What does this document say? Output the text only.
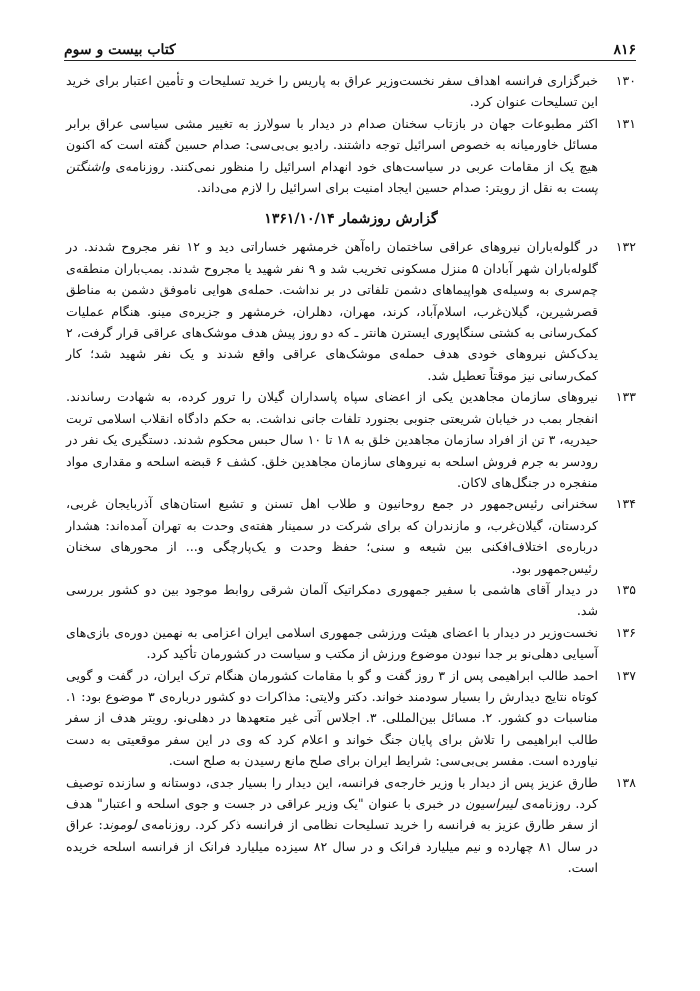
۸۱۶
کتاب بیست و سوم
۱۳۰
خبرگزاری فرانسه اهداف سفر نخست‌وزیر عراق به پاریس را خرید تسلیحات و تأمین اعتبار برای خرید این تسلیحات عنوان کرد.
۱۳۱
اکثر مطبوعات جهان در بازتاب سخنان صدام در دیدار با سولارز به تغییر مشی سیاسی عراق برابر مسائل خاورمیانه به خصوص اسرائیل توجه داشتند. رادیو بی‌بی‌سی: صدام حسین گفته است که اکنون هیچ یک از مقامات عربی در سیاست‌های خود انهدام اسرائیل را منظور نمی‌کنند. روزنامه‌ی واشنگتن پست به نقل از رویتر: صدام حسین ایجاد امنیت برای اسرائیل را لازم می‌داند.
گزارش روزشمار ۱۳۶۱/۱۰/۱۴
۱۳۲
در گلوله‌باران نیروهای عراقی ساختمان راه‌آهن خرمشهر خساراتی دید و ۱۲ نفر مجروح شدند. در گلوله‌باران شهر آبادان ۵ منزل مسکونی تخریب شد و ۹ نفر شهید یا مجروح شدند. بمب‌باران منطقه‌ی چم‌سری به وسیله‌ی هواپیماهای دشمن تلفاتی در بر نداشت. حمله‌ی هوایی ناموفق دشمن به مناطق قصرشیرین، گیلان‌غرب، اسلام‌آباد، کرند، مهران، دهلران، خرمشهر و جزیره‌ی مینو. هنگام عملیات کمک‌رسانی به کشتی سنگاپوری ایسترن هانتر ـ که دو روز پیش هدف موشک‌های عراقی قرار گرفت، ۲ یدک‌کش نیروهای خودی هدف حمله‌ی موشک‌های عراقی واقع شدند و یک نفر شهید شد؛ کار کمک‌رسانی نیز موقتاً تعطیل شد.
۱۳۳
نیروهای سازمان مجاهدین یکی از اعضای سپاه پاسداران گیلان را ترور کرده، به شهادت رساندند. انفجار بمب در خیابان شریعتی جنوبی بجنورد تلفات جانی نداشت. به حکم دادگاه انقلاب اسلامی تربت حیدریه، ۳ تن از افراد سازمان مجاهدین خلق به ۱۸ تا ۱۰ سال حبس محکوم شدند. دستگیری یک نفر در رودسر به جرم فروش اسلحه به نیروهای سازمان مجاهدین خلق. کشف ۶ قبضه اسلحه و مقداری مواد منفجره در جنگل‌های لاکان.
۱۳۴
سخنرانی رئیس‌جمهور در جمع روحانیون و طلاب اهل تسنن و تشیع استان‌های آذربایجان غربی، کردستان، گیلان‌غرب، و مازندران که برای شرکت در سمینار هفته‌ی وحدت به تهران آمده‌اند: هشدار درباره‌ی اختلاف‌افکنی بین شیعه و سنی؛ حفظ وحدت و یک‌پارچگی و... از محورهای سخنان رئیس‌جمهور بود.
۱۳۵
در دیدار آقای هاشمی با سفیر جمهوری دمکراتیک آلمان شرقی روابط موجود بین دو کشور بررسی شد.
۱۳۶
نخست‌وزیر در دیدار با اعضای هیئت ورزشی جمهوری اسلامی ایران اعزامی به نهمین دوره‌ی بازی‌های آسیایی دهلی‌نو بر جدا نبودن موضوع ورزش از مکتب و سیاست در کشورمان تأکید کرد.
۱۳۷
احمد طالب ابراهیمی پس از ۳ روز گفت و گو با مقامات کشورمان هنگام ترک ایران، در گفت و گویی کوتاه نتایج دیدارش را بسیار سودمند خواند. دکتر ولایتی: مذاکرات دو کشور درباره‌ی ۳ موضوع بود: ۱. مناسبات دو کشور. ۲. مسائل بین‌المللی. ۳. اجلاس آتی غیر متعهدها در دهلی‌نو. رویتر هدف از سفر طالب ابراهیمی را تلاش برای پایان جنگ خواند و اعلام کرد که وی در این سفر موقعیتی به دست نیاورده است. مفسر بی‌بی‌سی: شرایط ایران برای صلح مانع رسیدن به صلح است.
۱۳۸
طارق عزیز پس از دیدار با وزیر خارجه‌ی فرانسه، این دیدار را بسیار جدی، دوستانه و سازنده توصیف کرد. روزنامه‌ی لیبراسیون در خبری با عنوان "یک وزیر عراقی در جست و جوی اسلحه و اعتبار" هدف از سفر طارق عزیز به فرانسه را خرید تسلیحات نظامی از فرانسه ذکر کرد. روزنامه‌ی لوموند: عراق در سال ۸۱ چهارده و نیم میلیارد فرانک و در سال ۸۲ سیزده میلیارد فرانک از فرانسه اسلحه خریده است.
